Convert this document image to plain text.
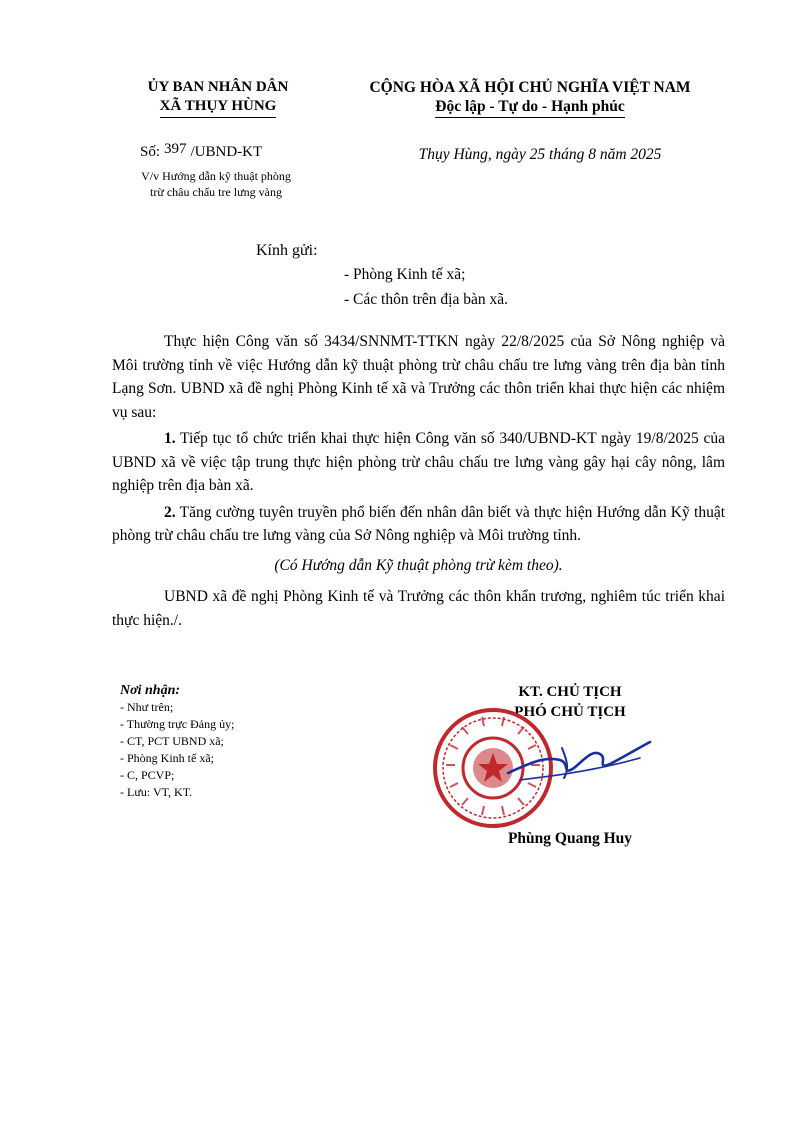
ỦY BAN NHÂN DÂN
XÃ THỤY HÙNG
CỘNG HÒA XÃ HỘI CHỦ NGHĨA VIỆT NAM
Độc lập - Tự do - Hạnh phúc
Số: 397 /UBND-KT
V/v Hướng dẫn kỹ thuật phòng
trừ châu chấu tre lưng vàng
Thụy Hùng, ngày 25 tháng 8 năm 2025
Kính gửi:
- Phòng Kinh tế xã;
- Các thôn trên địa bàn xã.

Thực hiện Công văn số 3434/SNNMT-TTKN ngày 22/8/2025 của Sở Nông nghiệp và Môi trường tỉnh về việc Hướng dẫn kỹ thuật phòng trừ châu chấu tre lưng vàng trên địa bàn tỉnh Lạng Sơn. UBND xã đề nghị Phòng Kinh tế xã và Trưởng các thôn triển khai thực hiện các nhiệm vụ sau:

1. Tiếp tục tổ chức triển khai thực hiện Công văn số 340/UBND-KT ngày 19/8/2025 của UBND xã về việc tập trung thực hiện phòng trừ châu chấu tre lưng vàng gây hại cây nông, lâm nghiệp trên địa bàn xã.

2. Tăng cường tuyên truyền phổ biến đến nhân dân biết và thực hiện Hướng dẫn Kỹ thuật phòng trừ châu chấu tre lưng vàng của Sở Nông nghiệp và Môi trường tỉnh.

(Có Hướng dẫn Kỹ thuật phòng trừ kèm theo).

UBND xã đề nghị Phòng Kinh tế và Trưởng các thôn khẩn trương, nghiêm túc triển khai thực hiện./.

Nơi nhận:
- Như trên;
- Thường trực Đảng ủy;
- CT, PCT UBND xã;
- Phòng Kinh tế xã;
- C, PCVP;
- Lưu: VT, KT.
KT. CHỦ TỊCH
PHÓ CHỦ TỊCH
Phùng Quang Huy
